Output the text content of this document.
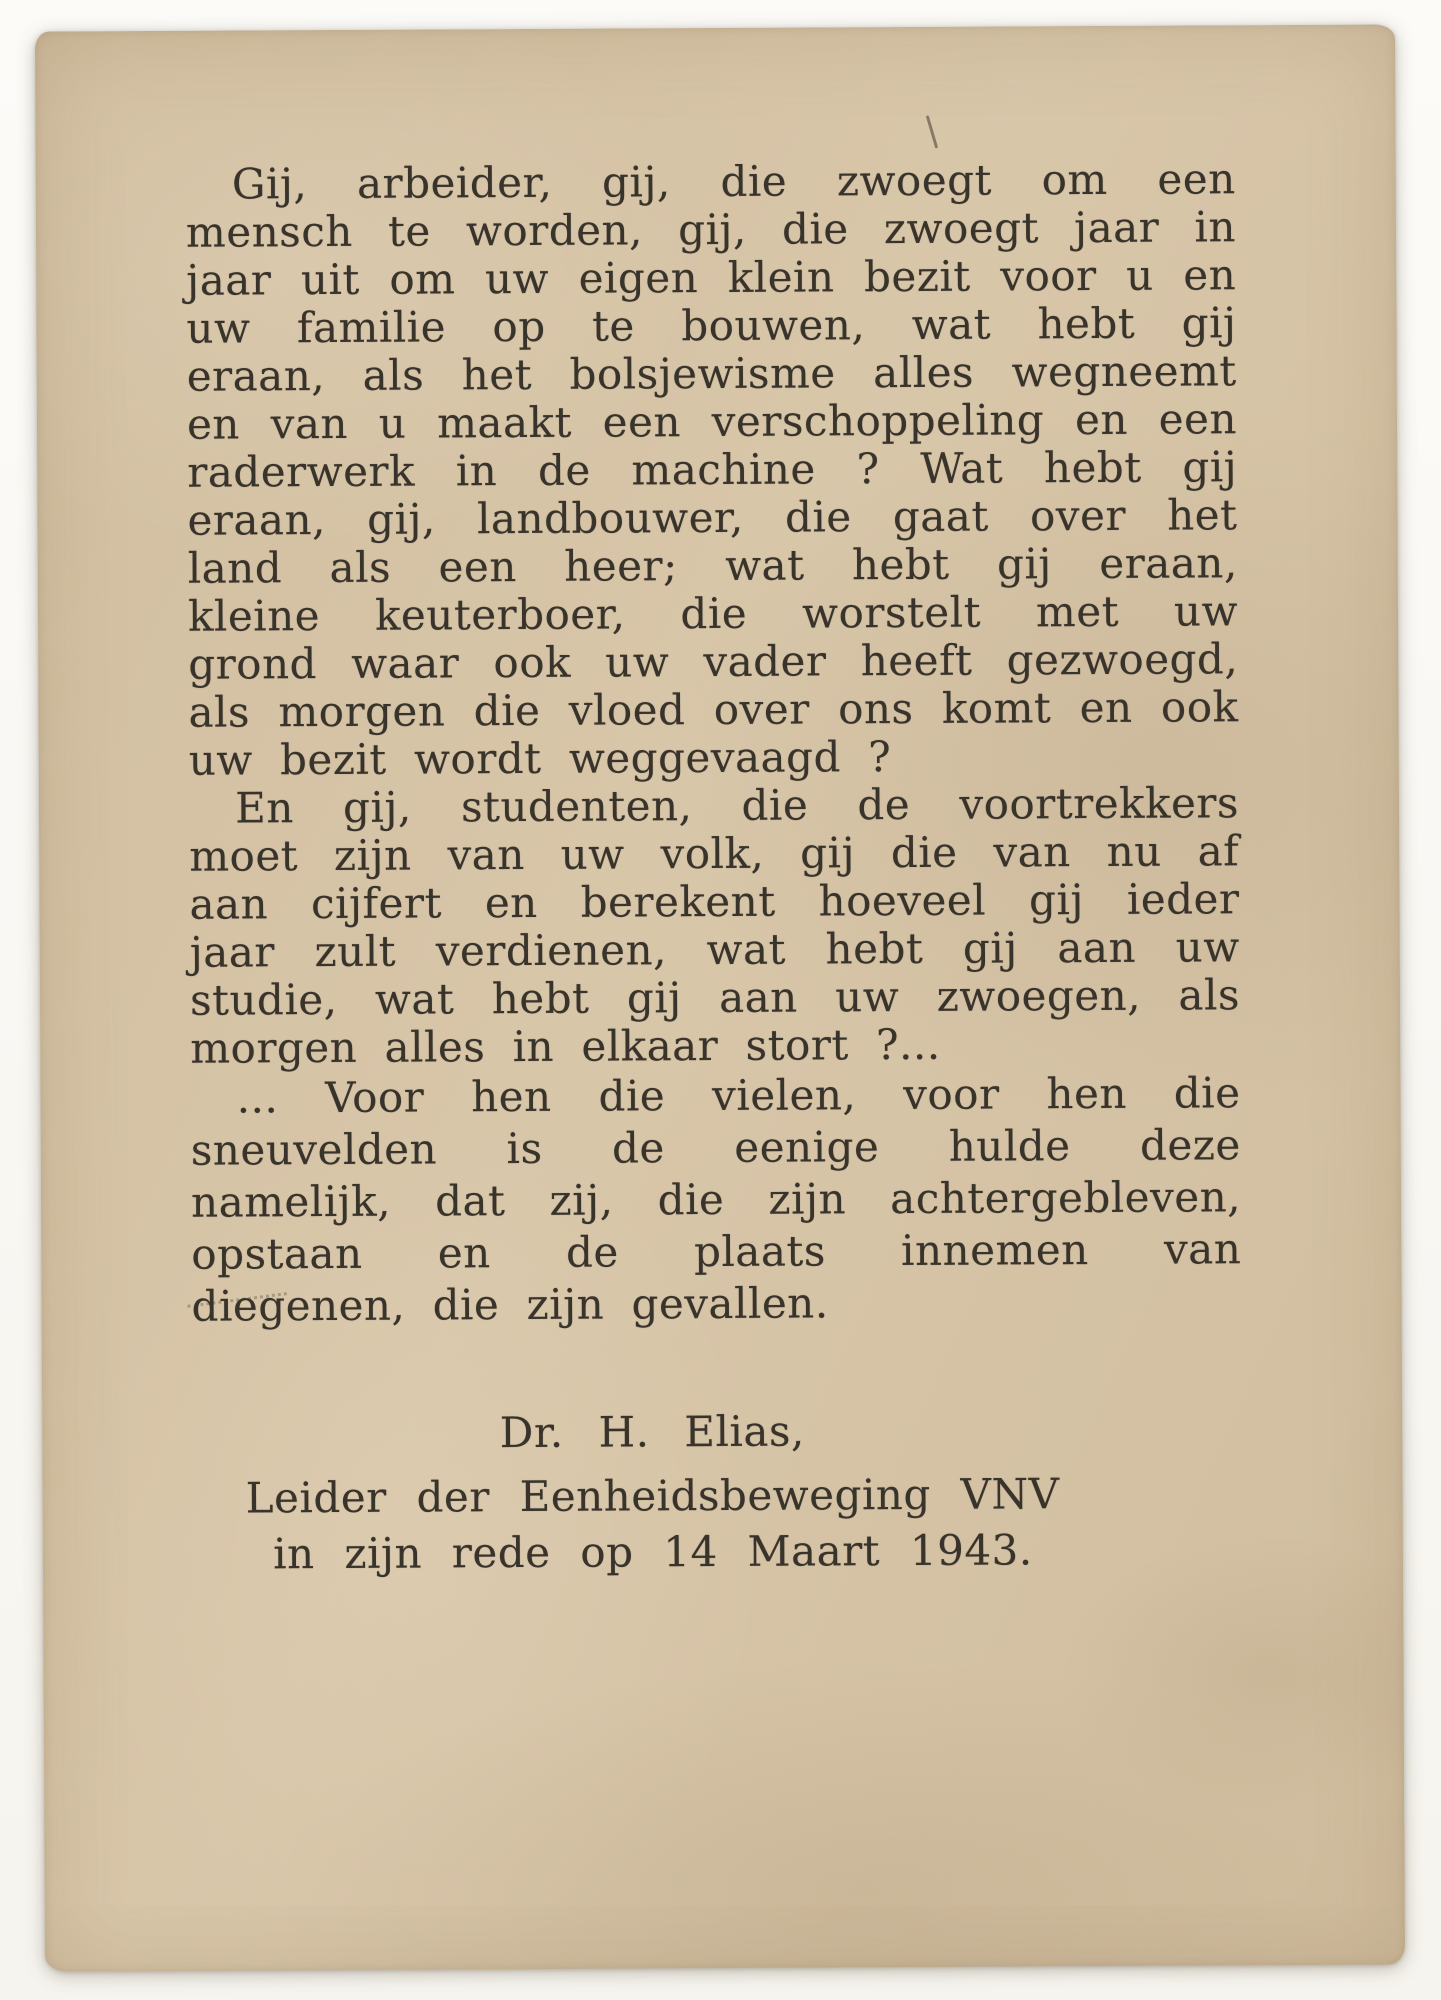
Gij, arbeider, gij, die zwoegt om een mensch te worden, gij, die zwoegt jaar in jaar uit om uw eigen klein bezit voor u en uw familie op te bouwen, wat hebt gij eraan, als het bolsjewisme alles wegneemt en van u maakt een verschoppeling en een raderwerk in de machine ? Wat hebt gij eraan, gij, landbouwer, die gaat over het land als een heer; wat hebt gij eraan, kleine keuterboer, die worstelt met uw grond waar ook uw vader heeft gezwoegd, als morgen die vloed over ons komt en ook uw bezit wordt weggevaagd ?

En gij, studenten, die de voortrekkers moet zijn van uw volk, gij die van nu af aan cijfert en berekent hoeveel gij ieder jaar zult verdienen, wat hebt gij aan uw studie, wat hebt gij aan uw zwoegen, als morgen alles in elkaar stort ?...

... Voor hen die vielen, voor hen die sneuvelden is de eenige hulde deze namelijk, dat zij, die zijn achtergebleven, opstaan en de plaats innemen van diegenen, die zijn gevallen.

Dr. H. Elias,

Leider der Eenheidsbeweging VNV

in zijn rede op 14 Maart 1943.
